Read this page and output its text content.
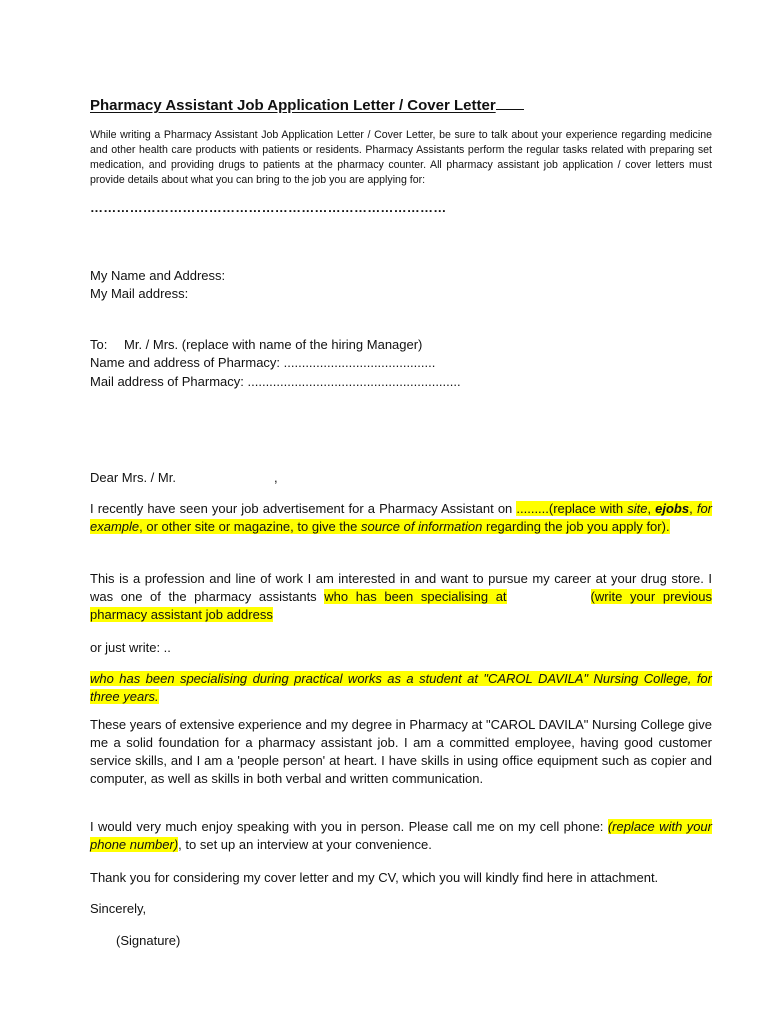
Pharmacy Assistant Job Application Letter / Cover Letter
While writing a Pharmacy Assistant Job Application Letter / Cover Letter, be sure to talk about your experience regarding medicine and other health care products with patients or residents. Pharmacy Assistants perform the regular tasks related with preparing set medication, and providing drugs to patients at the pharmacy counter. All pharmacy assistant job application / cover letters must provide details about what you can bring to the job you are applying for:
………………………………………………………………………
My Name and Address:
My Mail address:
To: Mr. / Mrs. (replace with name of the hiring Manager)
Name and address of Pharmacy: ..........................................
Mail address of Pharmacy: ...........................................................
Dear Mrs. / Mr.	,
I recently have seen your job advertisement for a Pharmacy Assistant on .........(replace with site, ejobs, for example, or other site or magazine, to give the source of information regarding the job you apply for).
This is a profession and line of work I am interested in and want to pursue my career at your drug store. I was one of the pharmacy assistants who has been specialising at	(write your previous pharmacy assistant job address
or just write: ..
who has been specialising during practical works as a student at "CAROL DAVILA" Nursing College, for three years.
These years of extensive experience and my degree in Pharmacy at "CAROL DAVILA" Nursing College give me a solid foundation for a pharmacy assistant job. I am a committed employee, having good customer service skills, and I am a 'people person' at heart. I have skills in using office equipment such as copier and computer, as well as skills in both verbal and written communication.
I would very much enjoy speaking with you in person. Please call me on my cell phone: (replace with your phone number), to set up an interview at your convenience.
Thank you for considering my cover letter and my CV, which you will kindly find here in attachment.
Sincerely,
(Signature)
